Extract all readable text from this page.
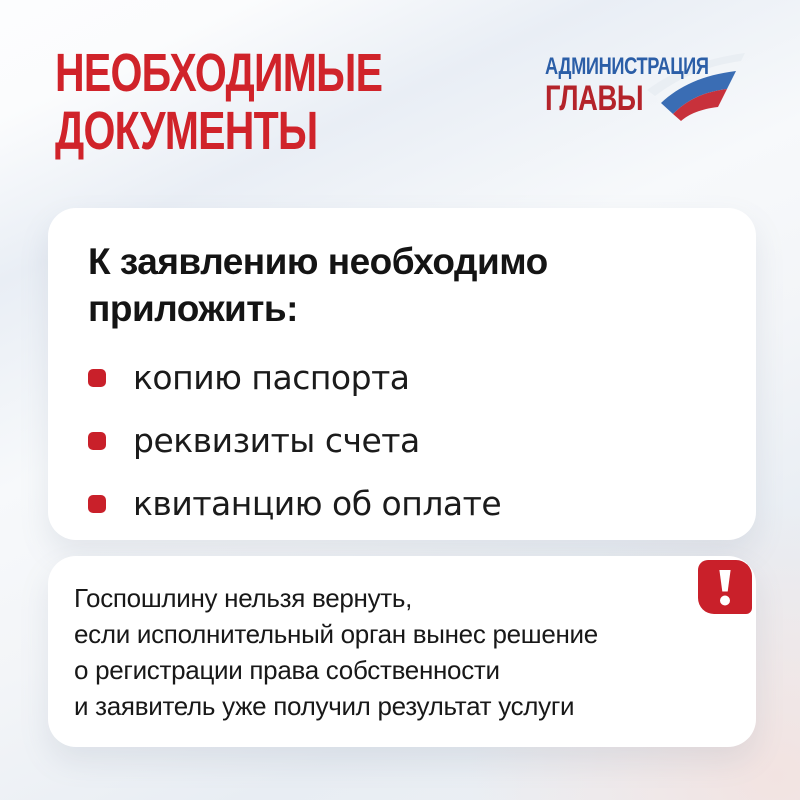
НЕОБХОДИМЫЕ
ДОКУМЕНТЫ
АДМИНИСТРАЦИЯ
ГЛАВЫ
К заявлению необходимо
приложить:
копию паспорта
реквизиты счета
квитанцию об оплате
Госпошлину нельзя вернуть,
если исполнительный орган вынес решение
о регистрации права собственности
и заявитель уже получил результат услуги
